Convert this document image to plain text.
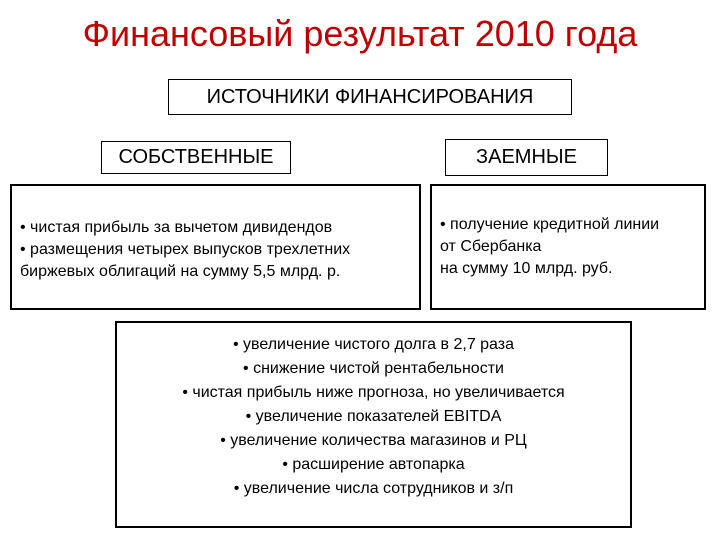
Финансовый результат 2010 года
ИСТОЧНИКИ ФИНАНСИРОВАНИЯ
СОБСТВЕННЫЕ	ЗАЕМНЫЕ
• чистая прибыль за вычетом дивидендов
• размещения четырех выпусков трехлетних
биржевых облигаций на сумму 5,5 млрд. р.
• получение кредитной линии
от Сбербанка
на сумму 10 млрд. руб.
• увеличение чистого долга в 2,7 раза
• снижение чистой рентабельности
• чистая прибыль ниже прогноза, но увеличивается
• увеличение показателей EBITDA
• увеличение количества магазинов и РЦ
• расширение автопарка
• увеличение числа сотрудников и з/п
